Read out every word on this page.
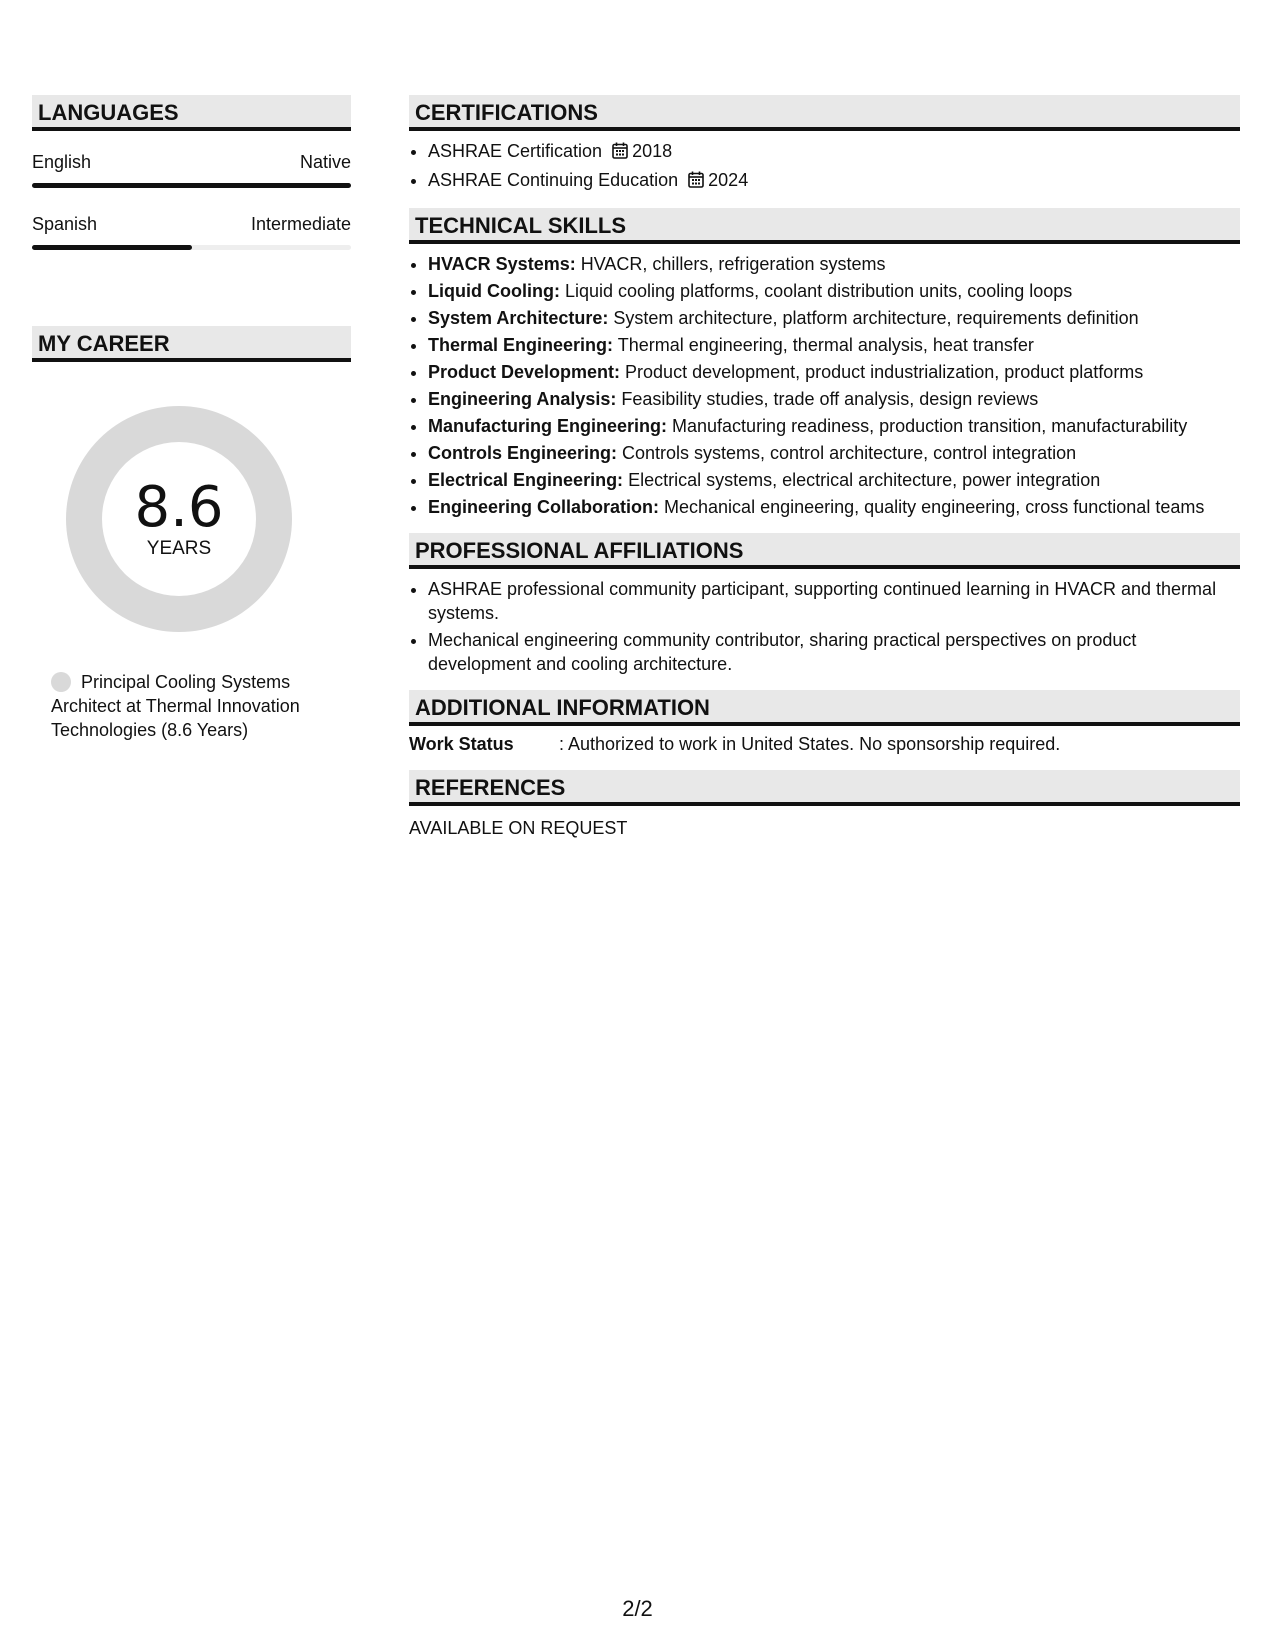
LANGUAGES
English	Native
Spanish	Intermediate
MY CAREER
8.6
YEARS
Principal Cooling Systems Architect at Thermal Innovation Technologies (8.6 Years)
CERTIFICATIONS
• ASHRAE Certification 2018
• ASHRAE Continuing Education 2024
TECHNICAL SKILLS
• HVACR Systems: HVACR, chillers, refrigeration systems
• Liquid Cooling: Liquid cooling platforms, coolant distribution units, cooling loops
• System Architecture: System architecture, platform architecture, requirements definition
• Thermal Engineering: Thermal engineering, thermal analysis, heat transfer
• Product Development: Product development, product industrialization, product platforms
• Engineering Analysis: Feasibility studies, trade off analysis, design reviews
• Manufacturing Engineering: Manufacturing readiness, production transition, manufacturability
• Controls Engineering: Controls systems, control architecture, control integration
• Electrical Engineering: Electrical systems, electrical architecture, power integration
• Engineering Collaboration: Mechanical engineering, quality engineering, cross functional teams
PROFESSIONAL AFFILIATIONS
• ASHRAE professional community participant, supporting continued learning in HVACR and thermal systems.
• Mechanical engineering community contributor, sharing practical perspectives on product development and cooling architecture.
ADDITIONAL INFORMATION
Work Status	: Authorized to work in United States. No sponsorship required.
REFERENCES
AVAILABLE ON REQUEST
2/2
